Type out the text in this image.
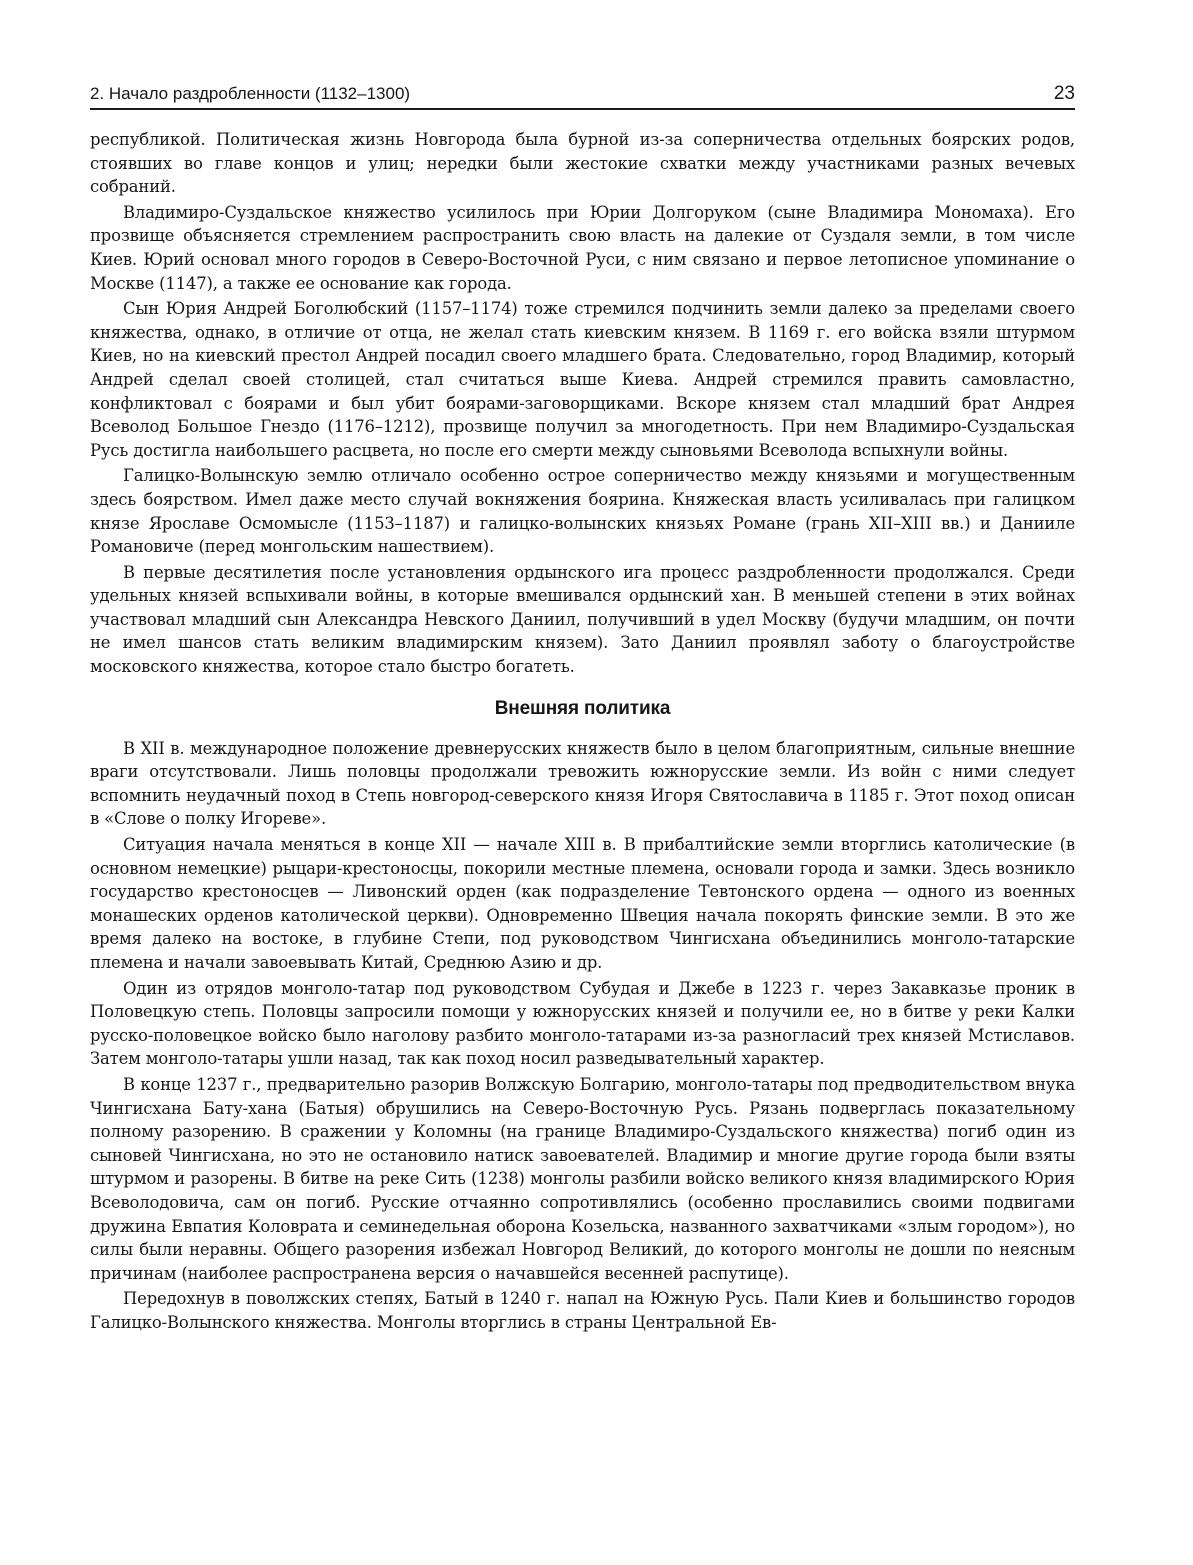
2. Начало раздробленности (1132–1300)	23

республикой. Политическая жизнь Новгорода была бурной из-за соперничества отдельных боярских родов, стоявших во главе концов и улиц; нередки были жестокие схватки между участниками разных вечевых собраний.

Владимиро-Суздальское княжество усилилось при Юрии Долгоруком (сыне Владимира Мономаха). Его прозвище объясняется стремлением распространить свою власть на далекие от Суздаля земли, в том числе Киев. Юрий основал много городов в Северо-Восточной Руси, с ним связано и первое летописное упоминание о Москве (1147), а также ее основание как города.

Сын Юрия Андрей Боголюбский (1157–1174) тоже стремился подчинить земли далеко за пределами своего княжества, однако, в отличие от отца, не желал стать киевским князем. В 1169 г. его войска взяли штурмом Киев, но на киевский престол Андрей посадил своего младшего брата. Следовательно, город Владимир, который Андрей сделал своей столицей, стал считаться выше Киева. Андрей стремился править самовластно, конфликтовал с боярами и был убит боярами-заговорщиками. Вскоре князем стал младший брат Андрея Всеволод Большое Гнездо (1176–1212), прозвище получил за многодетность. При нем Владимиро-Суздальская Русь достигла наибольшего расцвета, но после его смерти между сыновьями Всеволода вспыхнули войны.

Галицко-Волынскую землю отличало особенно острое соперничество между князьями и могущественным здесь боярством. Имел даже место случай вокняжения боярина. Княжеская власть усиливалась при галицком князе Ярославе Осмомысле (1153–1187) и галицко-волынских князьях Романе (грань XII–XIII вв.) и Данииле Романовиче (перед монгольским нашествием).

В первые десятилетия после установления ордынского ига процесс раздробленности продолжался. Среди удельных князей вспыхивали войны, в которые вмешивался ордынский хан. В меньшей степени в этих войнах участвовал младший сын Александра Невского Даниил, получивший в удел Москву (будучи младшим, он почти не имел шансов стать великим владимирским князем). Зато Даниил проявлял заботу о благоустройстве московского княжества, которое стало быстро богатеть.

Внешняя политика

В XII в. международное положение древнерусских княжеств было в целом благоприятным, сильные внешние враги отсутствовали. Лишь половцы продолжали тревожить южнорусские земли. Из войн с ними следует вспомнить неудачный поход в Степь новгород-северского князя Игоря Святославича в 1185 г. Этот поход описан в «Слове о полку Игореве».

Ситуация начала меняться в конце XII — начале XIII в. В прибалтийские земли вторглись католические (в основном немецкие) рыцари-крестоносцы, покорили местные племена, основали города и замки. Здесь возникло государство крестоносцев — Ливонский орден (как подразделение Тевтонского ордена — одного из военных монашеских орденов католической церкви). Одновременно Швеция начала покорять финские земли. В это же время далеко на востоке, в глубине Степи, под руководством Чингисхана объединились монголо-татарские племена и начали завоевывать Китай, Среднюю Азию и др.

Один из отрядов монголо-татар под руководством Субудая и Джебе в 1223 г. через Закавказье проник в Половецкую степь. Половцы запросили помощи у южнорусских князей и получили ее, но в битве у реки Калки русско-половецкое войско было наголову разбито монголо-татарами из-за разногласий трех князей Мстиславов. Затем монголо-татары ушли назад, так как поход носил разведывательный характер.

В конце 1237 г., предварительно разорив Волжскую Болгарию, монголо-татары под предводительством внука Чингисхана Бату-хана (Батыя) обрушились на Северо-Восточную Русь. Рязань подверглась показательному полному разорению. В сражении у Коломны (на границе Владимиро-Суздальского княжества) погиб один из сыновей Чингисхана, но это не остановило натиск завоевателей. Владимир и многие другие города были взяты штурмом и разорены. В битве на реке Сить (1238) монголы разбили войско великого князя владимирского Юрия Всеволодовича, сам он погиб. Русские отчаянно сопротивлялись (особенно прославились своими подвигами дружина Евпатия Коловрата и семинедельная оборона Козельска, названного захватчиками «злым городом»), но силы были неравны. Общего разорения избежал Новгород Великий, до которого монголы не дошли по неясным причинам (наиболее распространена версия о начавшейся весенней распутице).

Передохнув в поволжских степях, Батый в 1240 г. напал на Южную Русь. Пали Киев и большинство городов Галицко-Волынского княжества. Монголы вторглись в страны Центральной Ев-
